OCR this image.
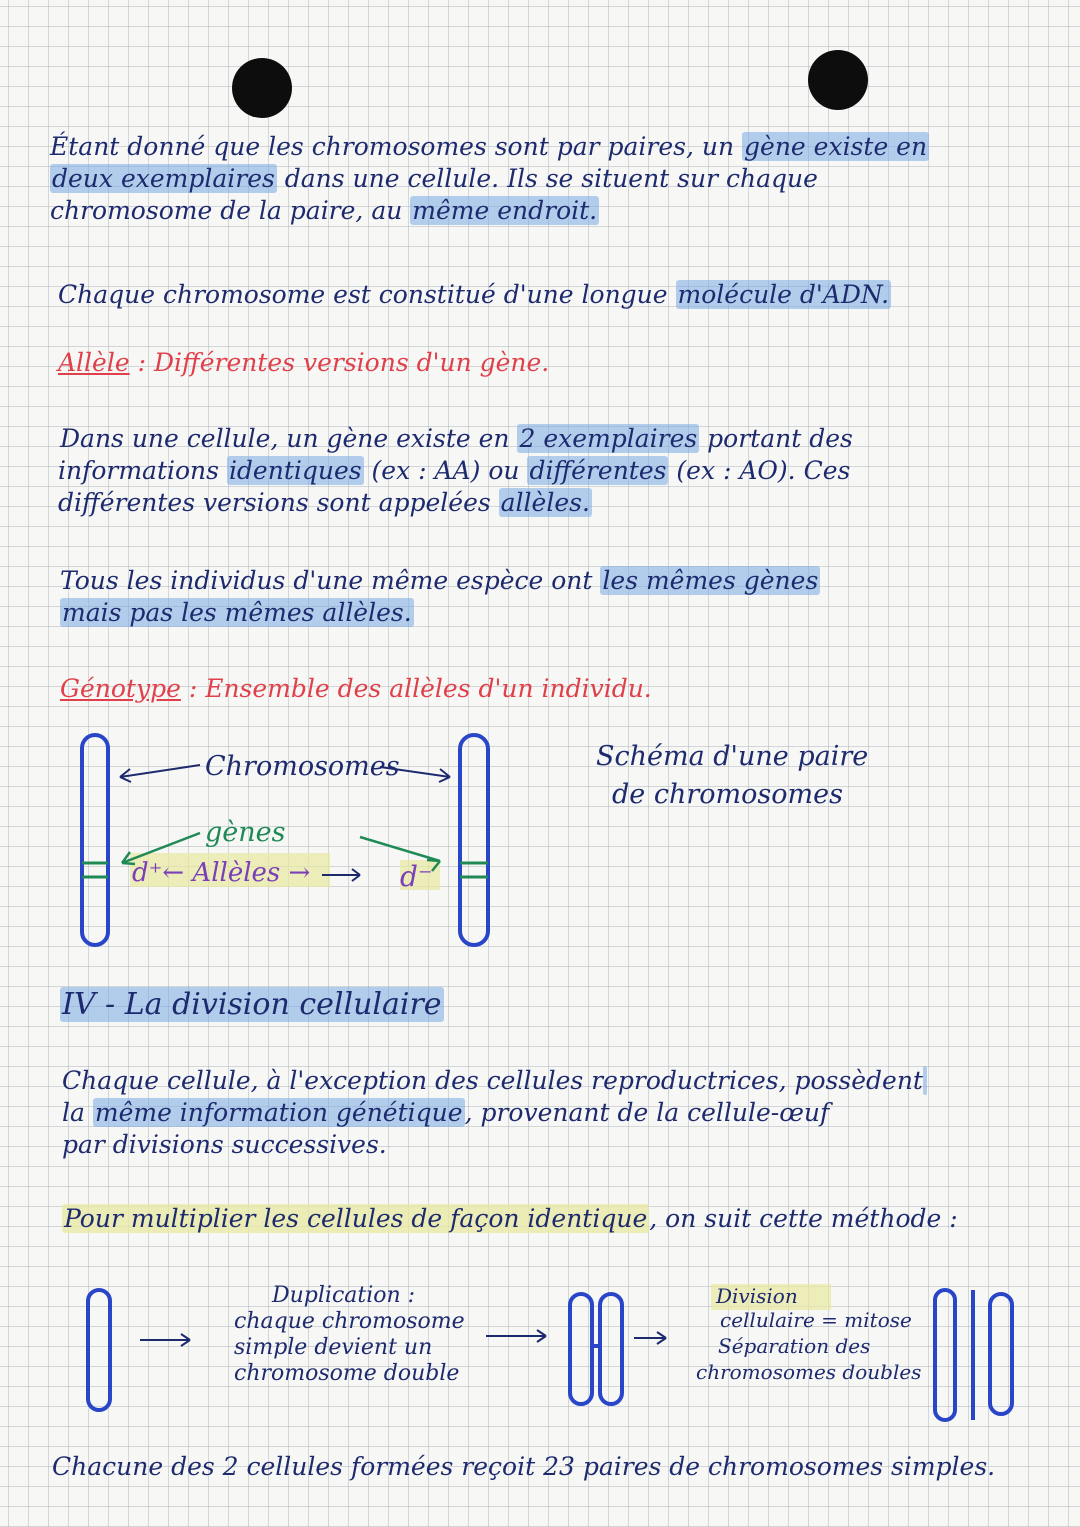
Étant donné que les chromosomes sont par paires, un gène existe en
deux exemplaires dans une cellule. Ils se situent sur chaque
chromosome de la paire, au même endroit.
Chaque chromosome est constitué d'une longue molécule d'ADN.
Allèle : Différentes versions d'un gène.
Dans une cellule, un gène existe en 2 exemplaires portant des
informations identiques (ex : AA) ou différentes (ex : AO). Ces
différentes versions sont appelées allèles.
Tous les individus d'une même espèce ont les mêmes gènes
mais pas les mêmes allèles.
Génotype : Ensemble des allèles d'un individu.
Chromosomes
gènes
d⁺← Allèles →	d⁻
Schéma d'une paire
de chromosomes
IV - La division cellulaire
Chaque cellule, à l'exception des cellules reproductrices, possèdent
la même information génétique, provenant de la cellule-œuf
par divisions successives.
Pour multiplier les cellules de façon identique, on suit cette méthode :
Duplication :
chaque chromosome
simple devient un
chromosome double
Division
cellulaire = mitose
Séparation des
chromosomes doubles
Chacune des 2 cellules formées reçoit 23 paires de chromosomes simples.
